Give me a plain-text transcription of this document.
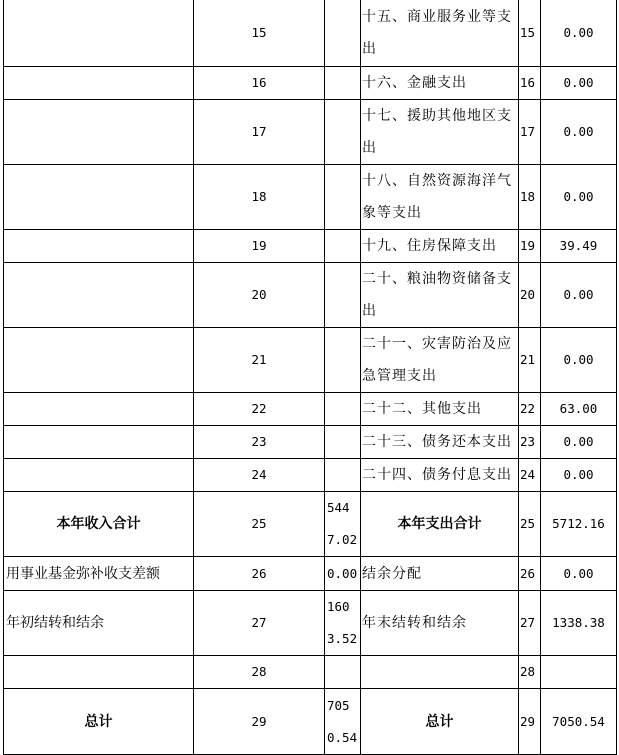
	15		十五、商业服务业等支出	15	0.00
	16		十六、金融支出	16	0.00
	17		十七、援助其他地区支出	17	0.00
	18		十八、自然资源海洋气象等支出	18	0.00
	19		十九、住房保障支出	19	39.49
	20		二十、粮油物资储备支出	20	0.00
	21		二十一、灾害防治及应急管理支出	21	0.00
	22		二十二、其他支出	22	63.00
	23		二十三、债务还本支出	23	0.00
	24		二十四、债务付息支出	24	0.00
本年收入合计	25	5447.02	本年支出合计	25	5712.16
用事业基金弥补收支差额	26	0.00	结余分配	26	0.00
年初结转和结余	27	1603.52	年末结转和结余	27	1338.38
	28			28	
总计	29	7050.54	总计	29	7050.54
